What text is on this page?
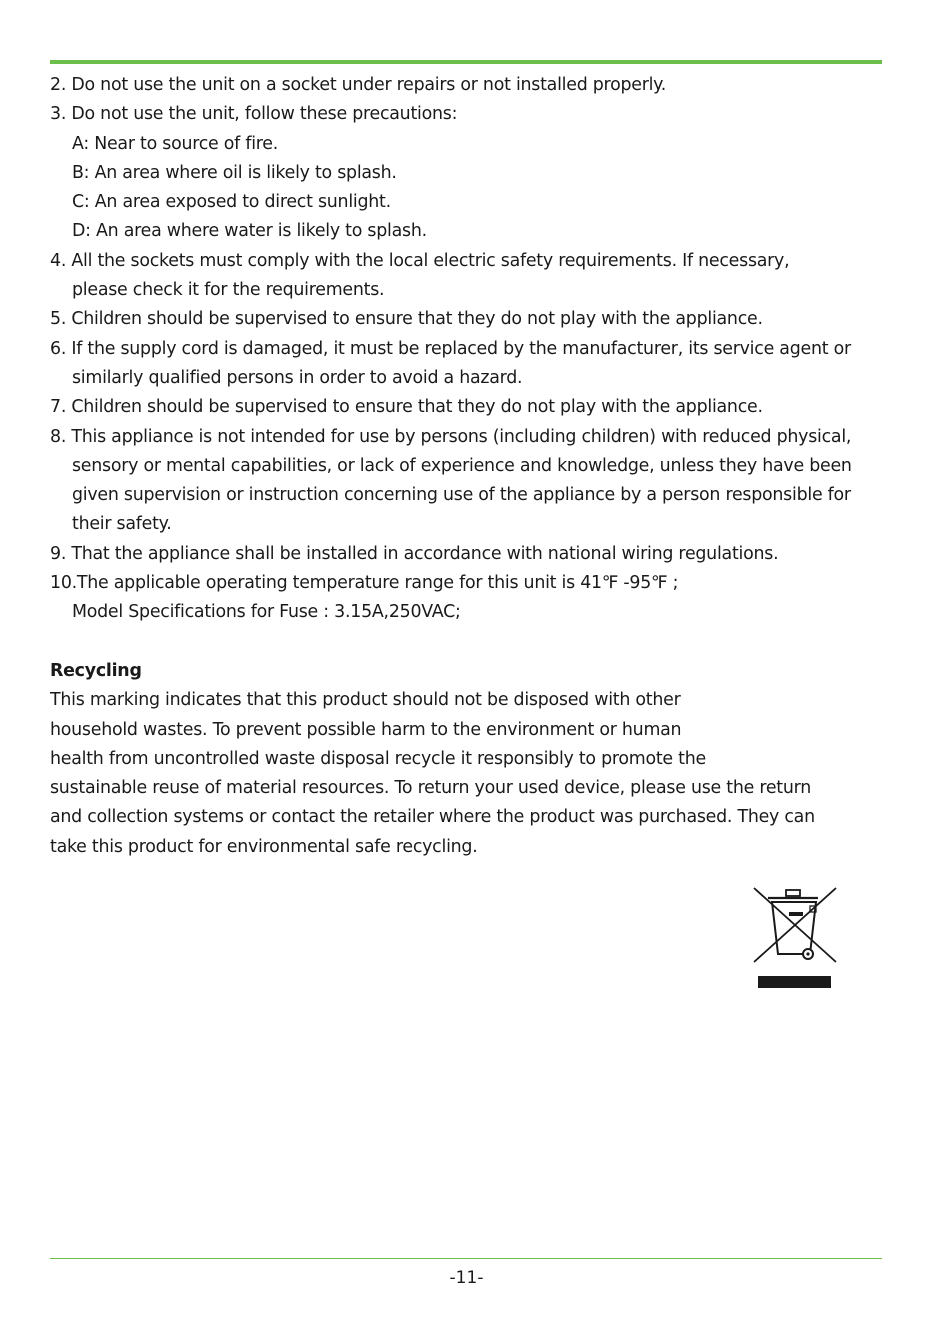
2. Do not use the unit on a socket under repairs or not installed properly.
3. Do not use the unit, follow these precautions:
A: Near to source of fire.
B: An area where oil is likely to splash.
C: An area exposed to direct sunlight.
D: An area where water is likely to splash.
4. All the sockets must comply with the local electric safety requirements. If necessary,
please check it for the requirements.
5. Children should be supervised to ensure that they do not play with the appliance.
6. If the supply cord is damaged, it must be replaced by the manufacturer, its service agent or
similarly qualified persons in order to avoid a hazard.
7. Children should be supervised to ensure that they do not play with the appliance.
8. This appliance is not intended for use by persons (including children) with reduced physical,
sensory or mental capabilities, or lack of experience and knowledge, unless they have been
given supervision or instruction concerning use of the appliance by a person responsible for
their safety.
9. That the appliance shall be installed in accordance with national wiring regulations.
10.The applicable operating temperature range for this unit is 41℉ -95℉ ;
Model Specifications for Fuse : 3.15A,250VAC;
Recycling
This marking indicates that this product should not be disposed with other
household wastes. To prevent possible harm to the environment or human
health from uncontrolled waste disposal recycle it responsibly to promote the
sustainable reuse of material resources. To return your used device, please use the return
and collection systems or contact the retailer where the product was purchased. They can
take this product for environmental safe recycling.
-11-
